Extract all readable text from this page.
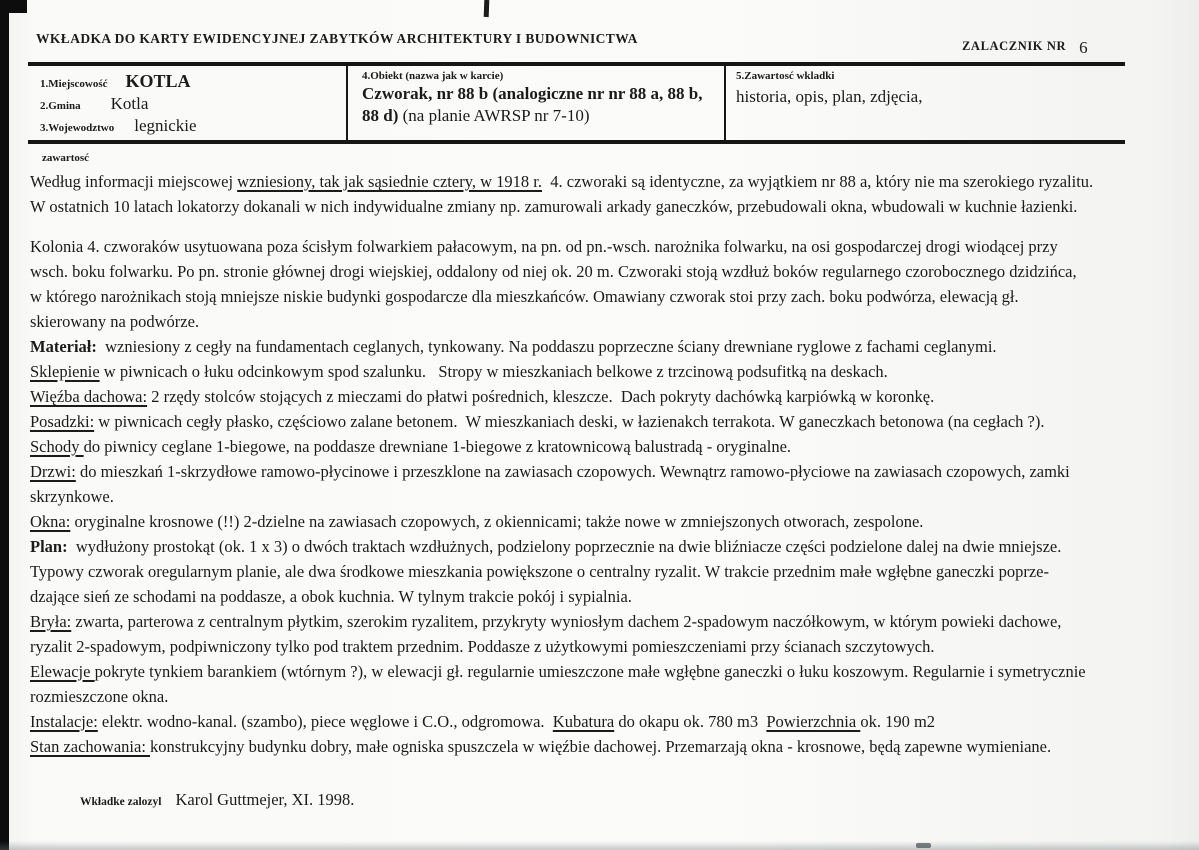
WKŁADKA DO KARTY EWIDENCYJNEJ ZABYTKÓW ARCHITEKTURY I BUDOWNICTWA	ZALACZNIK NR 6
1.Miejscowość KOTLA
2.Gmina Kotla
3.Wojewodztwo legnickie
4.Obiekt (nazwa jak w karcie)
Czworak, nr 88 b (analogiczne nr nr 88 a, 88 b,
88 d) (na planie AWRSP nr 7-10)
5.Zawartosć wkladki
historia, opis, plan, zdjęcia,
zawartosć
Według informacji miejscowej wzniesiony, tak jak sąsiednie cztery, w 1918 r.  4. czworaki są identyczne, za wyjątkiem nr 88 a, który nie ma szerokiego ryzalitu.
W ostatnich 10 latach lokatorzy dokanali w nich indywidualne zmiany np. zamurowali arkady ganeczków, przebudowali okna, wbudowali w kuchnie łazienki.
Kolonia 4. czworaków usytuowana poza ścisłym folwarkiem pałacowym, na pn. od pn.-wsch. narożnika folwarku, na osi gospodarczej drogi wiodącej przy
wsch. boku folwarku. Po pn. stronie głównej drogi wiejskiej, oddalony od niej ok. 20 m. Czworaki stoją wzdłuż boków regularnego czorobocznego dzidzińca,
w którego narożnikach stoją mniejsze niskie budynki gospodarcze dla mieszkańców. Omawiany czworak stoi przy zach. boku podwórza, elewacją gł.
skierowany na podwórze.
Materiał:  wzniesiony z cegły na fundamentach ceglanych, tynkowany. Na poddaszu poprzeczne ściany drewniane ryglowe z fachami ceglanymi.
Sklepienie w piwnicach o łuku odcinkowym spod szalunku.   Stropy w mieszkaniach belkowe z trzcinową podsufitką na deskach.
Więźba dachowa: 2 rzędy stolców stojących z mieczami do płatwi pośrednich, kleszcze.  Dach pokryty dachówką karpiówką w koronkę.
Posadzki: w piwnicach cegły płasko, częściowo zalane betonem.  W mieszkaniach deski, w łazienakch terrakota. W ganeczkach betonowa (na cegłach ?).
Schody do piwnicy ceglane 1-biegowe, na poddasze drewniane 1-biegowe z kratownicową balustradą - oryginalne.
Drzwi: do mieszkań 1-skrzydłowe ramowo-płycinowe i przeszklone na zawiasach czopowych. Wewnątrz ramowo-płyciowe na zawiasach czopowych, zamki
skrzynkowe.
Okna: oryginalne krosnowe (!!) 2-dzielne na zawiasach czopowych, z okiennicami; także nowe w zmniejszonych otworach, zespolone.
Plan:  wydłużony prostokąt (ok. 1 x 3) o dwóch traktach wzdłużnych, podzielony poprzecznie na dwie bliźniacze części podzielone dalej na dwie mniejsze.
Typowy czworak oregularnym planie, ale dwa środkowe mieszkania powiększone o centralny ryzalit. W trakcie przednim małe wgłębne ganeczki poprze-
dzające sień ze schodami na poddasze, a obok kuchnia. W tylnym trakcie pokój i sypialnia.
Bryła: zwarta, parterowa z centralnym płytkim, szerokim ryzalitem, przykryty wyniosłym dachem 2-spadowym naczółkowym, w którym powieki dachowe,
ryzalit 2-spadowym, podpiwniczony tylko pod traktem przednim. Poddasze z użytkowymi pomieszczeniami przy ścianach szczytowych.
Elewacje pokryte tynkiem barankiem (wtórnym ?), w elewacji gł. regularnie umieszczone małe wgłębne ganeczki o łuku koszowym. Regularnie i symetrycznie
rozmieszczone okna.
Instalacje: elektr. wodno-kanal. (szambo), piece węglowe i C.O., odgromowa.  Kubatura do okapu ok. 780 m3  Powierzchnia ok. 190 m2
Stan zachowania: konstrukcyjny budynku dobry, małe ogniska spuszczela w więźbie dachowej. Przemarzają okna - krosnowe, będą zapewne wymieniane.
Wkładke zalozyl Karol Guttmejer, XI. 1998.
